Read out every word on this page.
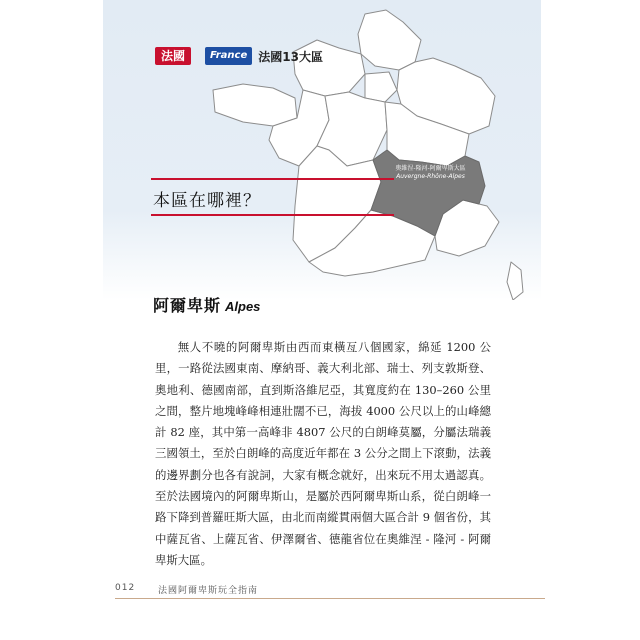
法國	France 法國13大區
本區在哪裡？
奧維涅-隆河-阿爾卑斯大區
Auvergne-Rhône-Alpes
阿爾卑斯 Alpes

無人不曉的阿爾卑斯由西而東橫亙八個國家，綿延 1200 公里，一路從法國東南、摩納哥、義大利北部、瑞士、列支敦斯登、奧地利、德國南部，直到斯洛維尼亞，其寬度約在 130–260 公里之間，整片地塊峰峰相連壯闊不已，海拔 4000 公尺以上的山峰總計 82 座，其中第一高峰非 4807 公尺的白朗峰莫屬，分屬法瑞義三國領土，至於白朗峰的高度近年都在 3 公分之間上下滾動，法義的邊界劃分也各有說詞，大家有概念就好，出來玩不用太過認真。至於法國境內的阿爾卑斯山，是屬於西阿爾卑斯山系，從白朗峰一路下降到普羅旺斯大區，由北而南縱貫兩個大區合計 9 個省份，其中薩瓦省、上薩瓦省、伊澤爾省、德龍省位在奧維涅 - 隆河 - 阿爾卑斯大區。

012	法國阿爾卑斯玩全指南
